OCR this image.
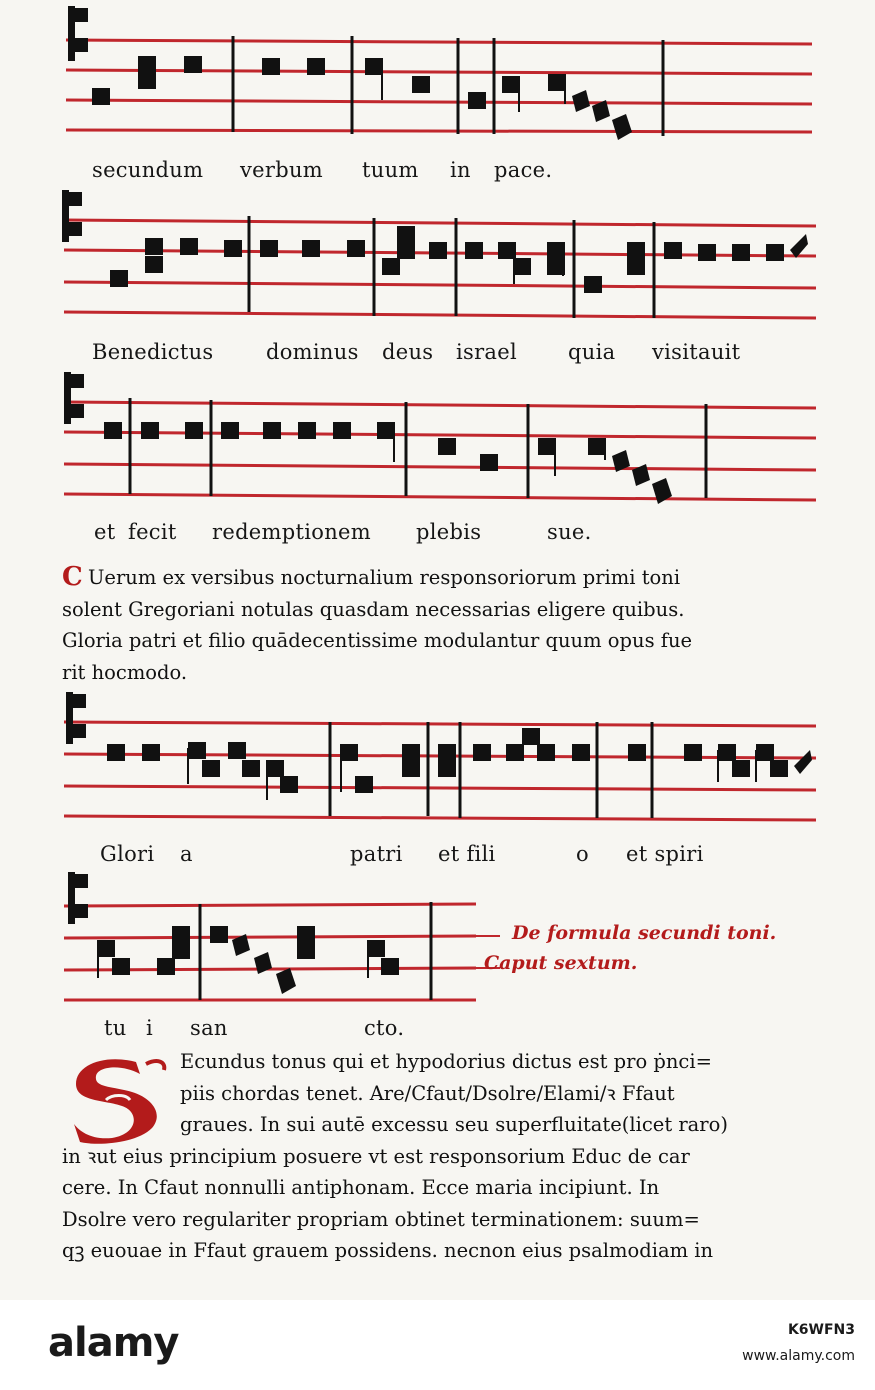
secundum verbum tuum in pace.
Benedictus	dominus deus israel quia visitauit
et fecit redemptionem plebis	sue.
C Uerum ex versibus nocturnalium responsoriorum primi toni
solent Gregoriani notulas quasdam necessarias eligere quibus.
Gloria patri et filio quādecentissime modulantur quum opus fue
rit hocmodo.
Glori a	patri et fili	o et spiri
De formula secundi toni.
Caput sextum.
tu i san	cto.
Ecundus tonus qui et hypodorius dictus est pro ṗnci=
piis chordas tenet. Are/Cfaut/Dsolre/Elami/ꝛ Ffaut
graues. In sui autē excessu seu superfluitate(licet raro)
in ꝛut eius principium posuere vt est responsorium Educ de car
cere. In Cfaut nonnulli antiphonam. Ecce maria incipiunt. In
Dsolre vero regulariter propriam obtinet terminationem: suum=
qꝫ euouae in Ffaut grauem possidens. necnon eius psalmodiam in
alamy	K6WFN3
www.alamy.com
